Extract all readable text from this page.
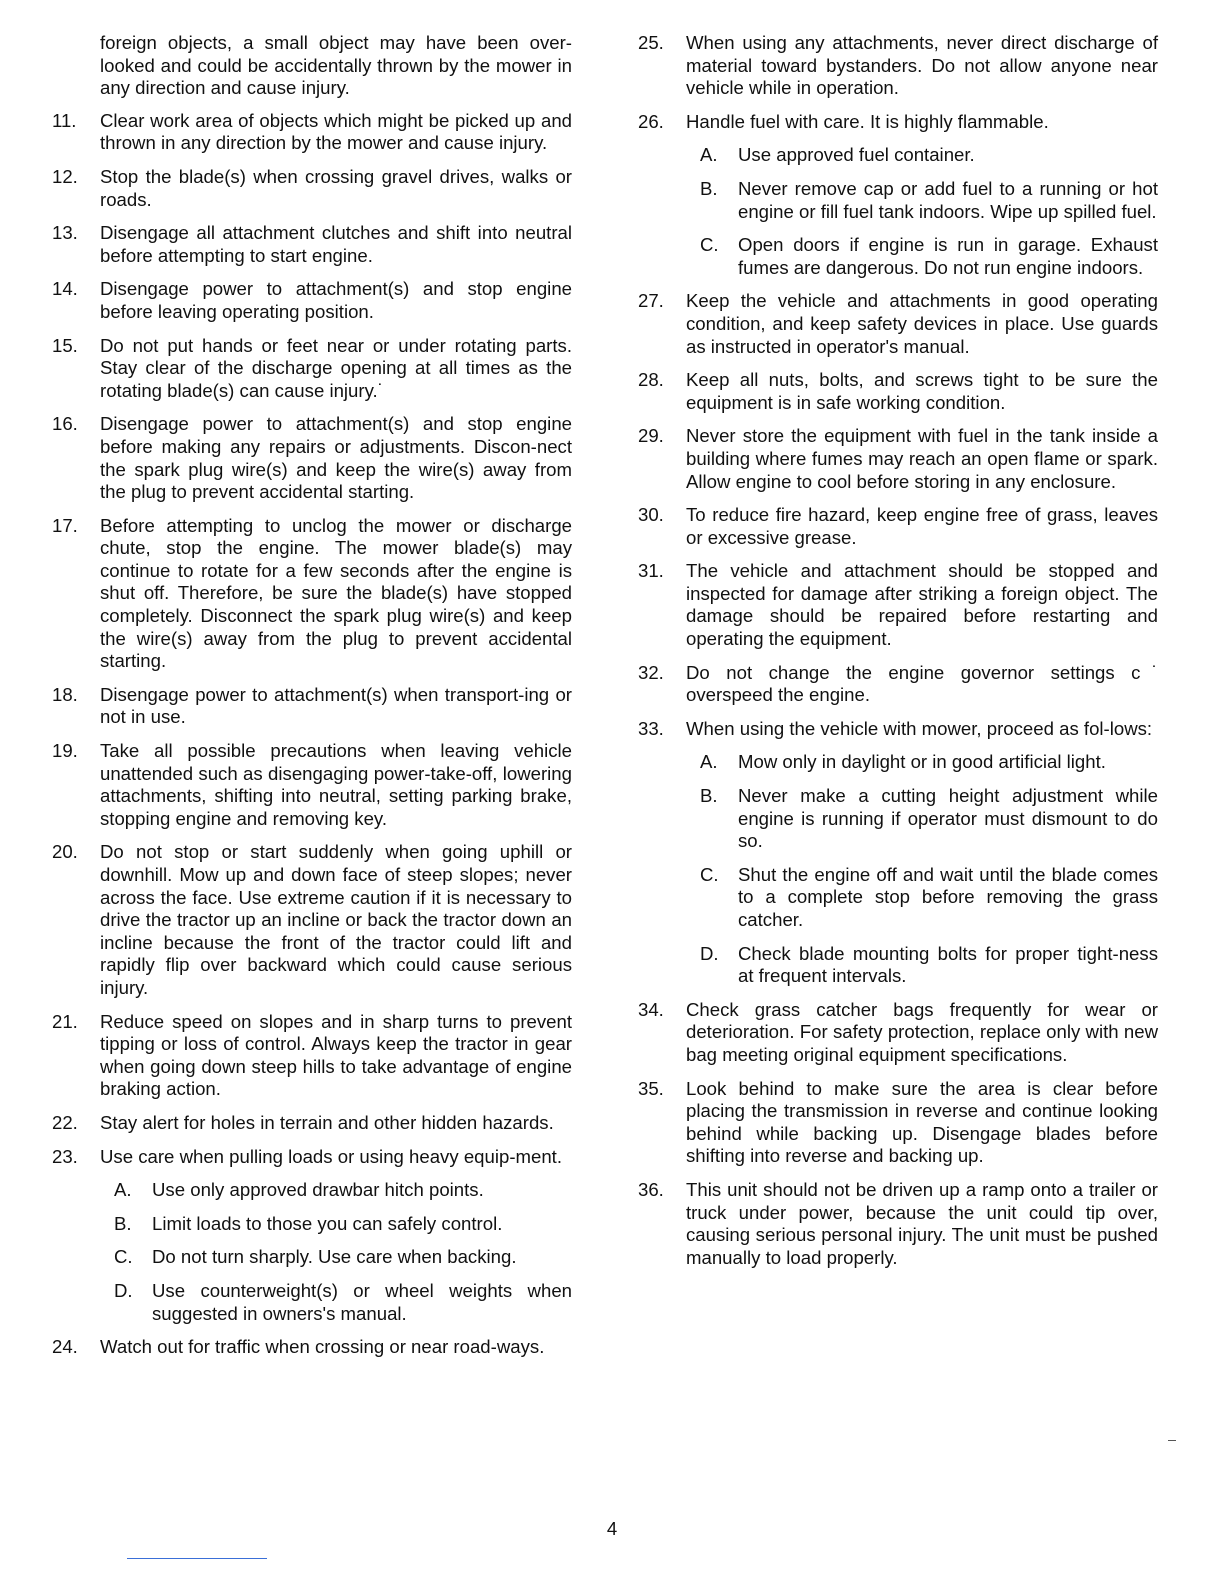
foreign objects, a small object may have been over-looked and could be accidentally thrown by the mower in any direction and cause injury.
11.	Clear work area of objects which might be picked up and thrown in any direction by the mower and cause injury.
12.	Stop the blade(s) when crossing gravel drives, walks or roads.
13.	Disengage all attachment clutches and shift into neutral before attempting to start engine.
14.	Disengage power to attachment(s) and stop engine before leaving operating position.
15.	Do not put hands or feet near or under rotating parts. Stay clear of the discharge opening at all times as the rotating blade(s) can cause injury.˙
16.	Disengage power to attachment(s) and stop engine before making any repairs or adjustments. Discon-nect the spark plug wire(s) and keep the wire(s) away from the plug to prevent accidental starting.
17.	Before attempting to unclog the mower or discharge chute, stop the engine. The mower blade(s) may continue to rotate for a few seconds after the engine is shut off. Therefore, be sure the blade(s) have stopped completely. Disconnect the spark plug wire(s) and keep the wire(s) away from the plug to prevent accidental starting.
18.	Disengage power to attachment(s) when transport-ing or not in use.
19.	Take all possible precautions when leaving vehicle unattended such as disengaging power-take-off, lowering attachments, shifting into neutral, setting parking brake, stopping engine and removing key.
20.	Do not stop or start suddenly when going uphill or downhill. Mow up and down face of steep slopes; never across the face. Use extreme caution if it is necessary to drive the tractor up an incline or back the tractor down an incline because the front of the tractor could lift and rapidly flip over backward which could cause serious injury.
21.	Reduce speed on slopes and in sharp turns to prevent tipping or loss of control. Always keep the tractor in gear when going down steep hills to take advantage of engine braking action.
22.	Stay alert for holes in terrain and other hidden hazards.
23.	Use care when pulling loads or using heavy equip-ment.
A.	Use only approved drawbar hitch points.
B.	Limit loads to those you can safely control.
C.	Do not turn sharply. Use care when backing.
D.	Use counterweight(s) or wheel weights when suggested in owners's manual.
24.	Watch out for traffic when crossing or near road-ways.
25.	When using any attachments, never direct discharge of material toward bystanders. Do not allow anyone near vehicle while in operation.
26.	Handle fuel with care. It is highly flammable.
A.	Use approved fuel container.
B.	Never remove cap or add fuel to a running or hot engine or fill fuel tank indoors. Wipe up spilled fuel.
C.	Open doors if engine is run in garage. Exhaust fumes are dangerous. Do not run engine indoors.
27.	Keep the vehicle and attachments in good operating condition, and keep safety devices in place. Use guards as instructed in operator's manual.
28.	Keep all nuts, bolts, and screws tight to be sure the equipment is in safe working condition.
29.	Never store the equipment with fuel in the tank inside a building where fumes may reach an open flame or spark. Allow engine to cool before storing in any enclosure.
30.	To reduce fire hazard, keep engine free of grass, leaves or excessive grease.
31.	The vehicle and attachment should be stopped and inspected for damage after striking a foreign object. The damage should be repaired before restarting and operating the equipment.
32.	Do not change the engine governor settings c˙ overspeed the engine.
33.	When using the vehicle with mower, proceed as fol-lows:
A.	Mow only in daylight or in good artificial light.
B.	Never make a cutting height adjustment while engine is running if operator must dismount to do so.
C.	Shut the engine off and wait until the blade comes to a complete stop before removing the grass catcher.
D.	Check blade mounting bolts for proper tight-ness at frequent intervals.
34.	Check grass catcher bags frequently for wear or deterioration. For safety protection, replace only with new bag meeting original equipment specifications.
35.	Look behind to make sure the area is clear before placing the transmission in reverse and continue looking behind while backing up. Disengage blades before shifting into reverse and backing up.
36.	This unit should not be driven up a ramp onto a trailer or truck under power, because the unit could tip over, causing serious personal injury. The unit must be pushed manually to load properly.
4
